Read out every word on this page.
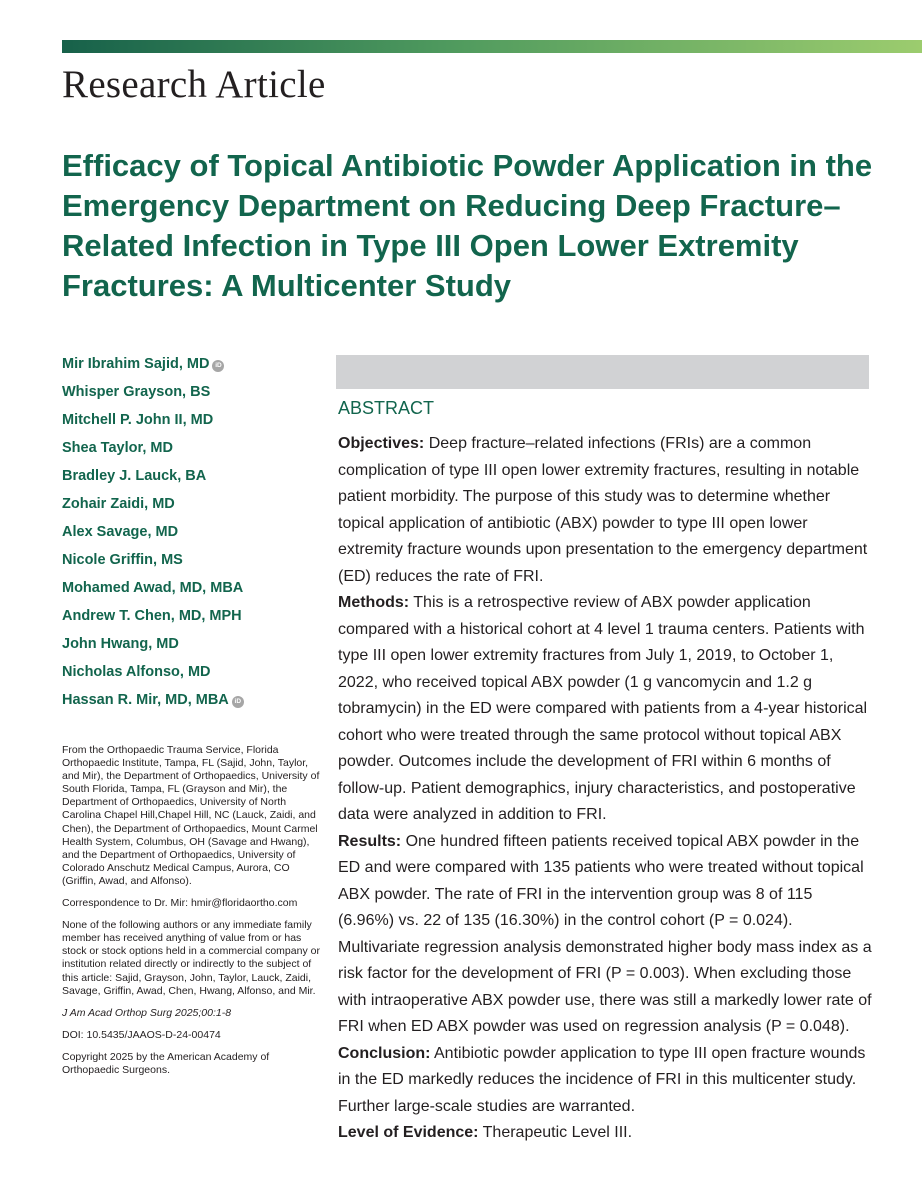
Research Article
Efficacy of Topical Antibiotic Powder Application in the Emergency Department on Reducing Deep Fracture–Related Infection in Type III Open Lower Extremity Fractures: A Multicenter Study
Mir Ibrahim Sajid, MD iD
Whisper Grayson, BS
Mitchell P. John II, MD
Shea Taylor, MD
Bradley J. Lauck, BA
Zohair Zaidi, MD
Alex Savage, MD
Nicole Griffin, MS
Mohamed Awad, MD, MBA
Andrew T. Chen, MD, MPH
John Hwang, MD
Nicholas Alfonso, MD
Hassan R. Mir, MD, MBA iD

From the Orthopaedic Trauma Service, Florida Orthopaedic Institute, Tampa, FL (Sajid, John, Taylor, and Mir), the Department of Orthopaedics, University of South Florida, Tampa, FL (Grayson and Mir), the Department of Orthopaedics, University of North Carolina Chapel Hill,Chapel Hill, NC (Lauck, Zaidi, and Chen), the Department of Orthopaedics, Mount Carmel Health System, Columbus, OH (Savage and Hwang), and the Department of Orthopaedics, University of Colorado Anschutz Medical Campus, Aurora, CO (Griffin, Awad, and Alfonso).

Correspondence to Dr. Mir: hmir@floridaortho.com

None of the following authors or any immediate family member has received anything of value from or has stock or stock options held in a commercial company or institution related directly or indirectly to the subject of this article: Sajid, Grayson, John, Taylor, Lauck, Zaidi, Savage, Griffin, Awad, Chen, Hwang, Alfonso, and Mir.

J Am Acad Orthop Surg 2025;00:1-8

DOI: 10.5435/JAAOS-D-24-00474

Copyright 2025 by the American Academy of Orthopaedic Surgeons.

ABSTRACT

Objectives: Deep fracture–related infections (FRIs) are a common complication of type III open lower extremity fractures, resulting in notable patient morbidity. The purpose of this study was to determine whether topical application of antibiotic (ABX) powder to type III open lower extremity fracture wounds upon presentation to the emergency department (ED) reduces the rate of FRI.

Methods: This is a retrospective review of ABX powder application compared with a historical cohort at 4 level 1 trauma centers. Patients with type III open lower extremity fractures from July 1, 2019, to October 1, 2022, who received topical ABX powder (1 g vancomycin and 1.2 g tobramycin) in the ED were compared with patients from a 4-year historical cohort who were treated through the same protocol without topical ABX powder. Outcomes include the development of FRI within 6 months of follow-up. Patient demographics, injury characteristics, and postoperative data were analyzed in addition to FRI.

Results: One hundred fifteen patients received topical ABX powder in the ED and were compared with 135 patients who were treated without topical ABX powder. The rate of FRI in the intervention group was 8 of 115 (6.96%) vs. 22 of 135 (16.30%) in the control cohort (P = 0.024). Multivariate regression analysis demonstrated higher body mass index as a risk factor for the development of FRI (P = 0.003). When excluding those with intraoperative ABX powder use, there was still a markedly lower rate of FRI when ED ABX powder was used on regression analysis (P = 0.048).

Conclusion: Antibiotic powder application to type III open fracture wounds in the ED markedly reduces the incidence of FRI in this multicenter study. Further large-scale studies are warranted.

Level of Evidence: Therapeutic Level III.
